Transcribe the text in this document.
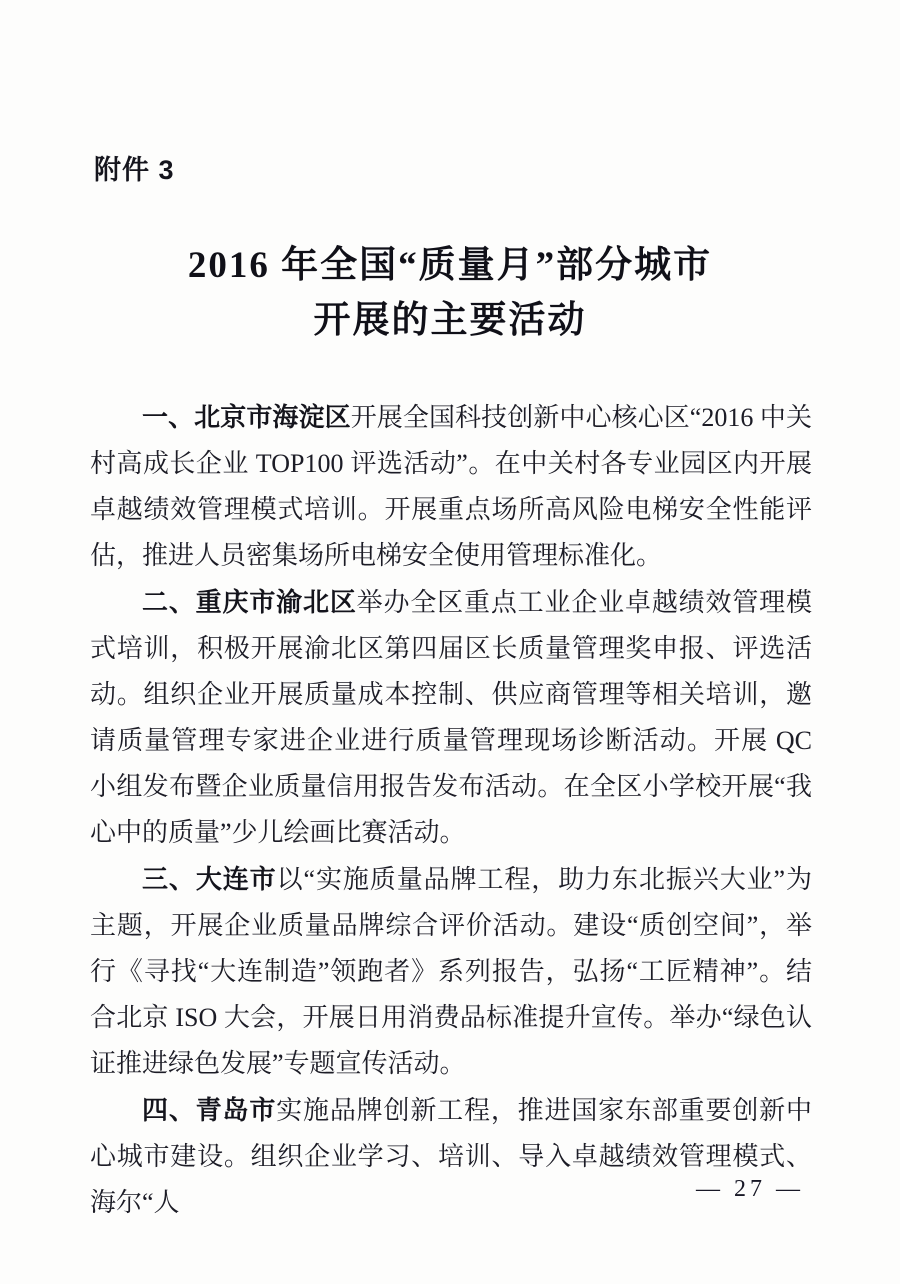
附件 3
2016 年全国“质量月”部分城市
开展的主要活动

一、北京市海淀区开展全国科技创新中心核心区“2016 中关村高成长企业 TOP100 评选活动”。在中关村各专业园区内开展卓越绩效管理模式培训。开展重点场所高风险电梯安全性能评估，推进人员密集场所电梯安全使用管理标准化。

二、重庆市渝北区举办全区重点工业企业卓越绩效管理模式培训，积极开展渝北区第四届区长质量管理奖申报、评选活动。组织企业开展质量成本控制、供应商管理等相关培训，邀请质量管理专家进企业进行质量管理现场诊断活动。开展 QC 小组发布暨企业质量信用报告发布活动。在全区小学校开展“我心中的质量”少儿绘画比赛活动。

三、大连市以“实施质量品牌工程，助力东北振兴大业”为主题，开展企业质量品牌综合评价活动。建设“质创空间”，举行《寻找“大连制造”领跑者》系列报告，弘扬“工匠精神”。结合北京 ISO 大会，开展日用消费品标准提升宣传。举办“绿色认证推进绿色发展”专题宣传活动。

四、青岛市实施品牌创新工程，推进国家东部重要创新中心城市建设。组织企业学习、培训、导入卓越绩效管理模式、海尔“人	— 27 —
